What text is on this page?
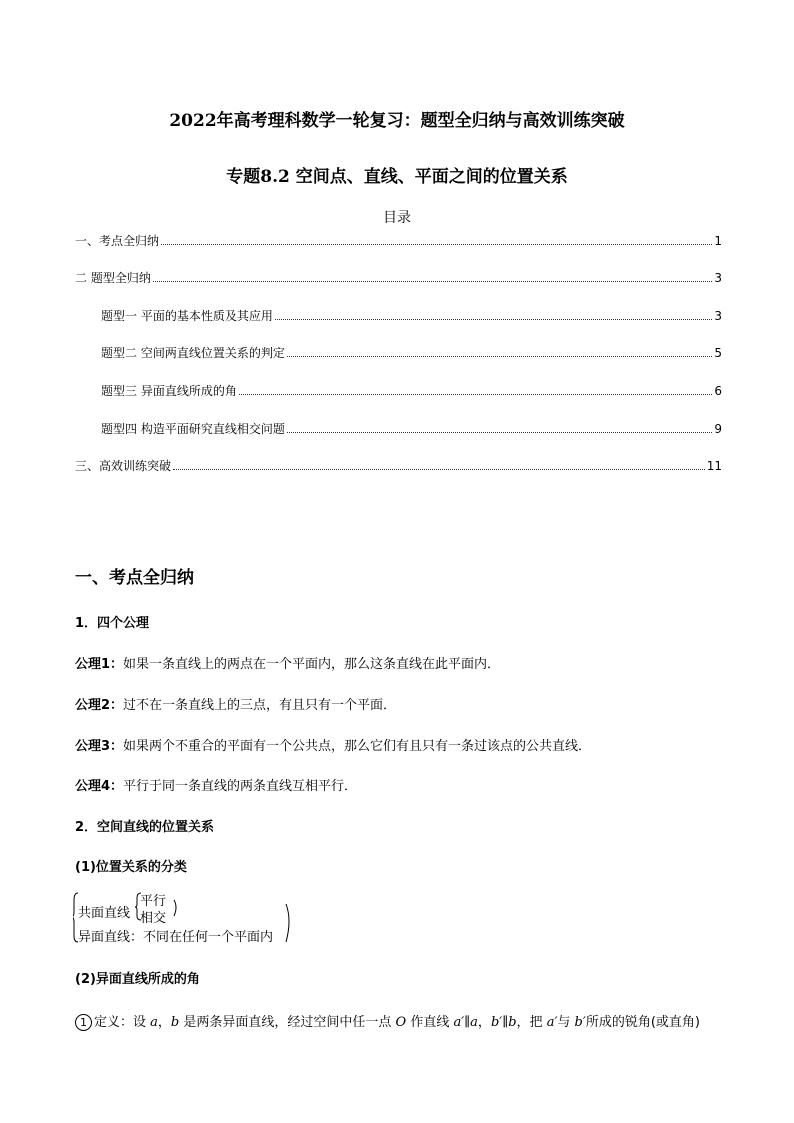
2022年高考理科数学一轮复习：题型全归纳与高效训练突破
专题8.2 空间点、直线、平面之间的位置关系
目录
一、考点全归纳	1
二 题型全归纳	3
题型一 平面的基本性质及其应用	3
题型二 空间两直线位置关系的判定	5
题型三 异面直线所成的角	6
题型四 构造平面研究直线相交问题	9
三、高效训练突破	11
一、考点全归纳
1．四个公理
公理1：如果一条直线上的两点在一个平面内，那么这条直线在此平面内．
公理2：过不在一条直线上的三点，有且只有一个平面．
公理3：如果两个不重合的平面有一个公共点，那么它们有且只有一条过该点的公共直线．
公理4：平行于同一条直线的两条直线互相平行．
2．空间直线的位置关系
(1)位置关系的分类
共面直线
平行
相交
异面直线：不同在任何一个平面内
(2)异面直线所成的角
1 定义：设 a，b 是两条异面直线，经过空间中任一点 O 作直线 a′∥a，b′∥b，把 a′与 b′所成的锐角(或直角)
